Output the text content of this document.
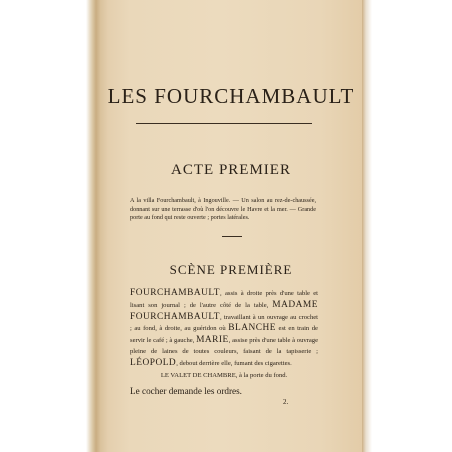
LES FOURCHAMBAULT
ACTE PREMIER
A la villa Fourchambault, à Ingouville. — Un salon au rez-de-chaussée, donnant sur une terrasse d'où l'on découvre le Havre et la mer. — Grande porte au fond qui reste ouverte ; portes latérales.
SCÈNE PREMIÈRE
FOURCHAMBAULT, assis à droite près d'une table et lisant son journal ; de l'autre côté de la table, MADAME FOURCHAMBAULT, travaillant à un ouvrage au crochet ; au fond, à droite, au guéridon où BLANCHE est en train de servir le café ; à gauche, MARIE, assise près d'une table à ouvrage pleine de laines de toutes couleurs, faisant de la tapisserie ; LÉOPOLD, debout derrière elle, fumant des cigarettes.
LE VALET DE CHAMBRE, à la porte du fond.
Le cocher demande les ordres.
2.
